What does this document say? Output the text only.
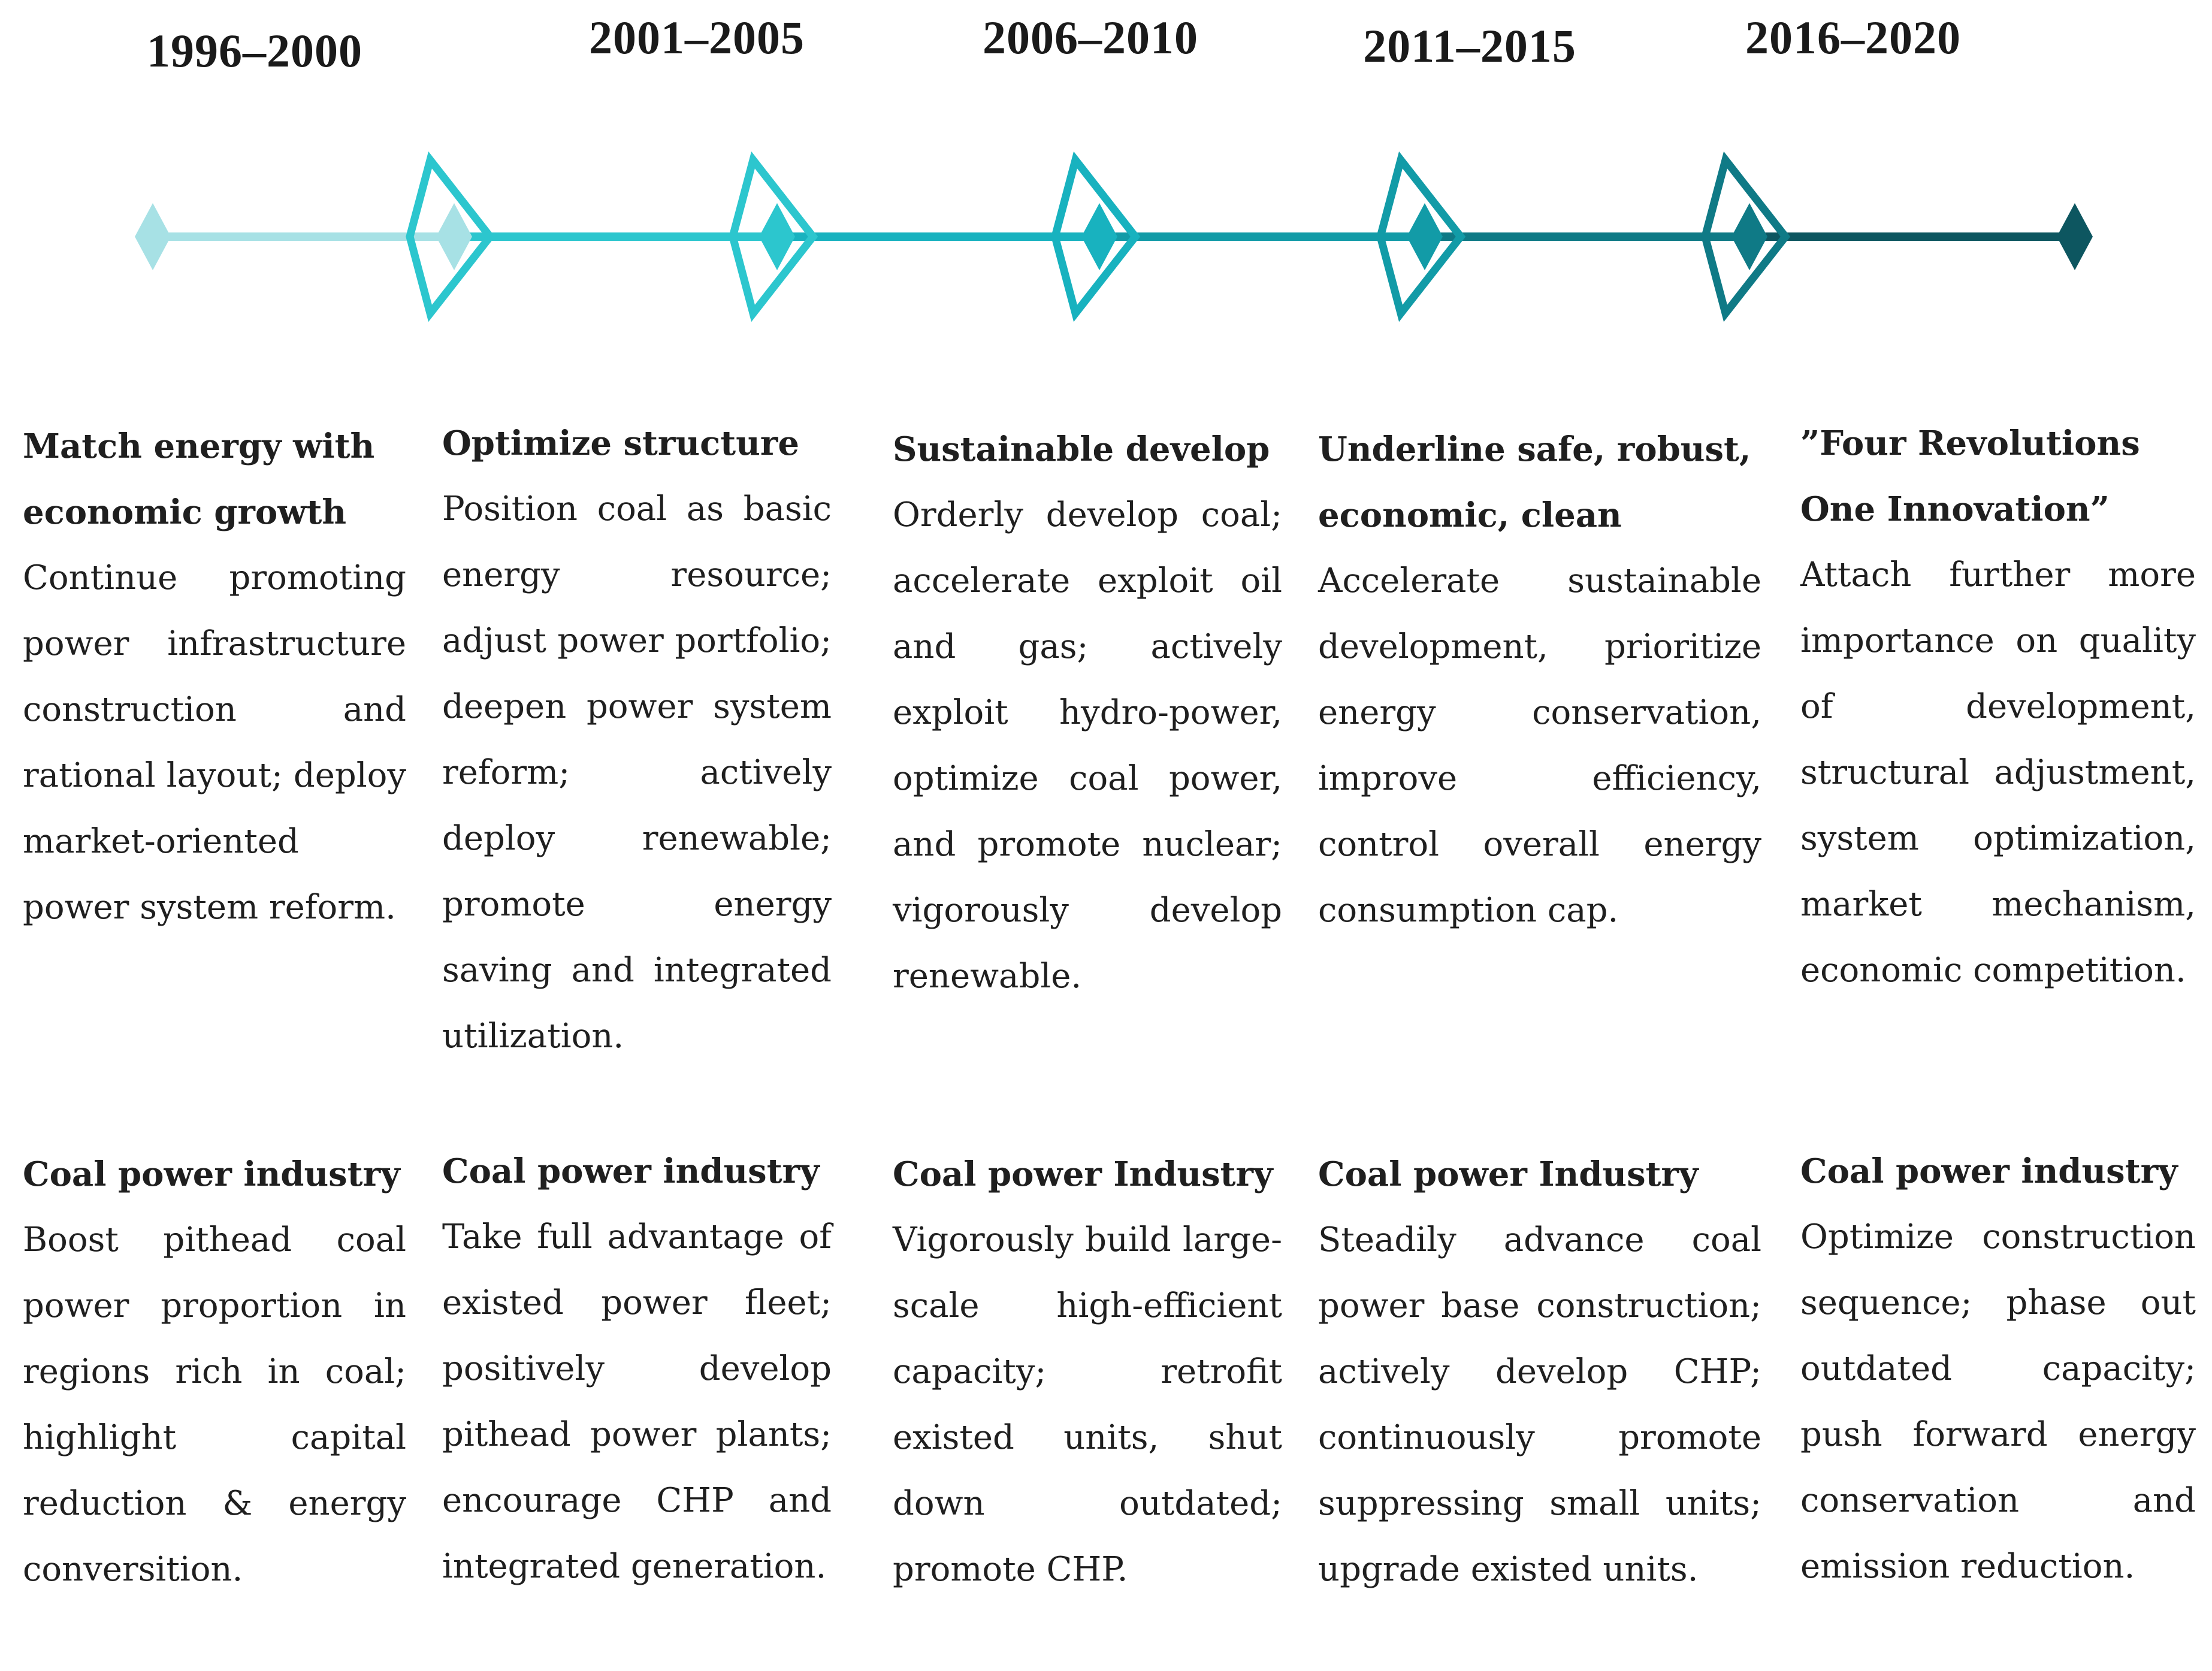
1996–2000	2001–2005	2006–2010	2011–2015	2016–2020
Match energy with economic growth
Continue promoting power infrastructure construction and rational layout; deploy market-oriented power system reform.
Optimize structure
Position coal as basic energy resource; adjust power portfolio; deepen power system reform; actively deploy renewable; promote energy saving and integrated utilization.
Sustainable develop
Orderly develop coal; accelerate exploit oil and gas; actively exploit hydro-power, optimize coal power, and promote nuclear; vigorously develop renewable.
Underline safe, robust, economic, clean
Accelerate sustainable development, prioritize energy conservation, improve efficiency, control overall energy consumption cap.
”Four Revolutions One Innovation”
Attach further more importance on quality of development, structural adjustment, system optimization, market mechanism, economic competition.
Coal power industry
Boost pithead coal power proportion in regions rich in coal; highlight capital reduction & energy conversition.
Coal power industry
Take full advantage of existed power fleet; positively develop pithead power plants; encourage CHP and integrated generation.
Coal power Industry
Vigorously build large-scale high-efficient capacity; retrofit existed units, shut down outdated; promote CHP.
Coal power Industry
Steadily advance coal power base construction; actively develop CHP; continuously promote suppressing small units; upgrade existed units.
Coal power industry
Optimize construction sequence; phase out outdated capacity; push forward energy conservation and emission reduction.
